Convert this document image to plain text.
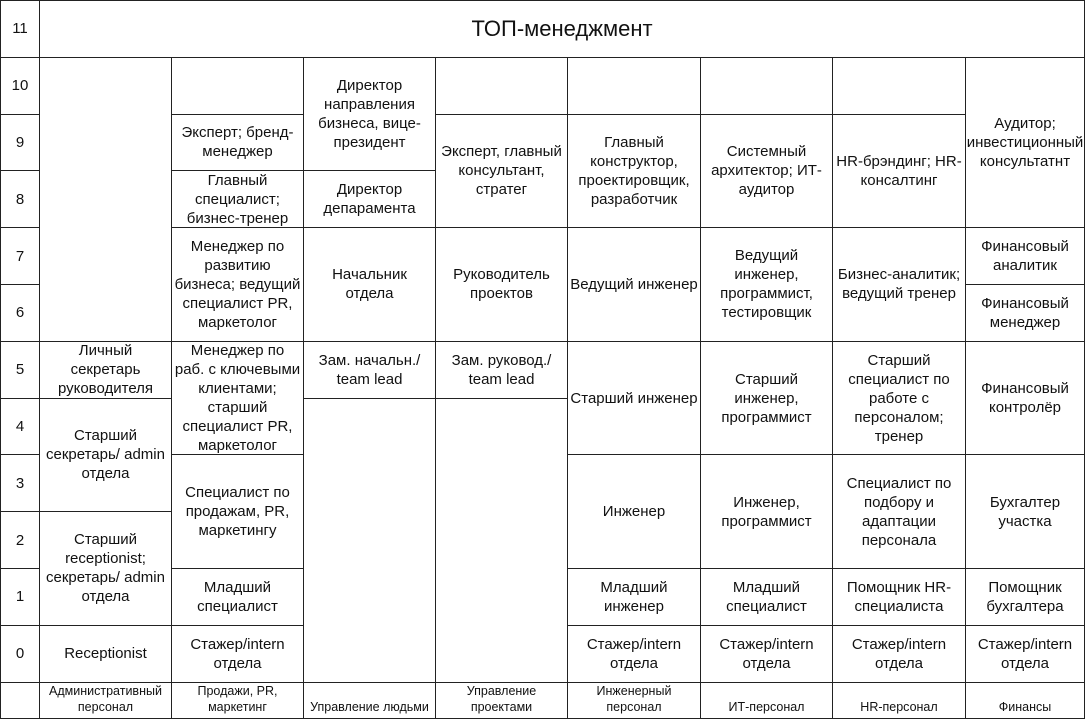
ТОП-менеджмент
11
10
9
8
7
6
5
4
3
2
1
0
Личный секретарь руководителя
Старший секретарь/ admin отдела
Старший receptionist; секретарь/ admin отдела
Receptionist
Административный персонал
Эксперт; бренд-менеджер
Главный специалист; бизнес-тренер
Менеджер по развитию бизнеса; ведущий специалист PR, маркетолог
Менеджер по раб. с ключевыми клиентами; старший специалист PR, маркетолог
Специалист по продажам, PR, маркетингу
Младший специалист
Стажер/intern отдела
Продажи, PR, маркетинг
Директор направления бизнеса, вице-президент
Директор депарамента
Начальник отдела
Зам. начальн./ team lead
Управление людьми
Эксперт, главный консультант, стратег
Руководитель проектов
Зам. руковод./ team lead
Управление проектами
Главный конструктор, проектировщик, разработчик
Ведущий инженер
Старший инженер
Инженер
Младший инженер
Стажер/intern отдела
Инженерный персонал
Системный архитектор; ИТ-аудитор
Ведущий инженер, программист, тестировщик
Старший инженер, программист
Инженер, программист
Младший специалист
Стажер/intern отдела
ИТ-персонал
HR-брэндинг; HR-консалтинг
Бизнес-аналитик; ведущий тренер
Старший специалист по работе с персоналом; тренер
Специалист по подбору и адаптации персонала
Помощник HR-специалиста
Стажер/intern отдела
HR-персонал
Аудитор; инвестиционный консультатнт
Финансовый аналитик
Финансовый менеджер
Финансовый контролёр
Бухгалтер участка
Помощник бухгалтера
Стажер/intern отдела
Финансы
